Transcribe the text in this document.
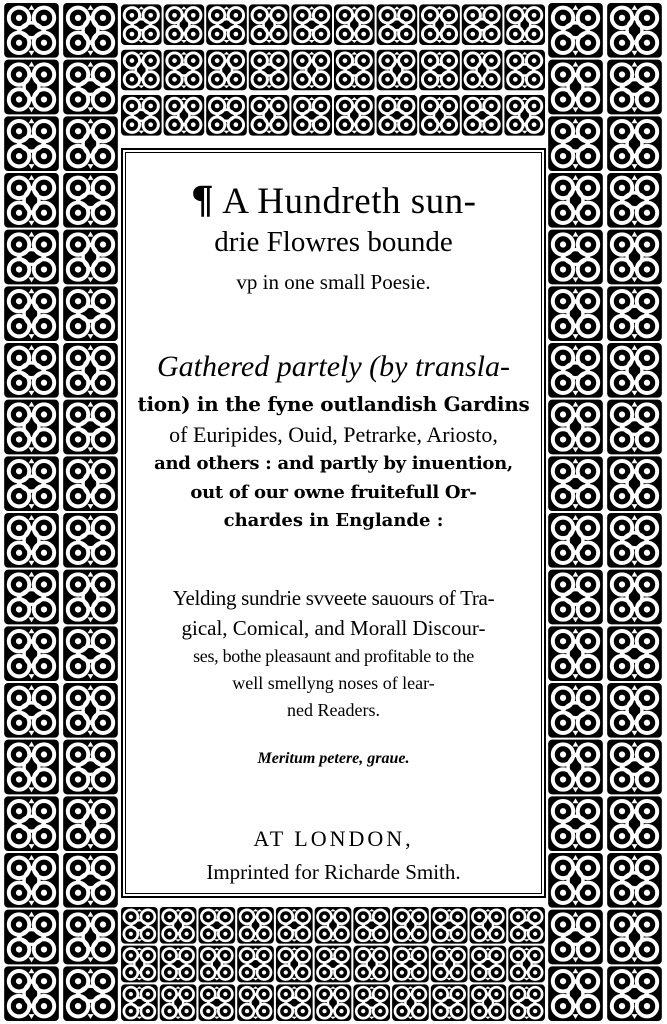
¶ A Hundreth sun-
drie Flowres bounde
vp in one small Poesie.
Gathered partely (by transla-
tion) in the fyne outlandish Gardins
of Euripides, Ouid, Petrarke, Ariosto,
and others : and partly by inuention,
out of our owne fruitefull Or-
chardes in Englande :
Yelding sundrie svveete sauours of Tra-
gical, Comical, and Morall Discour-
ses, bothe pleasaunt and profitable to the
well smellyng noses of lear-
ned Readers.
Meritum petere, graue.
AT LONDON,
Imprinted for Richarde Smith.
